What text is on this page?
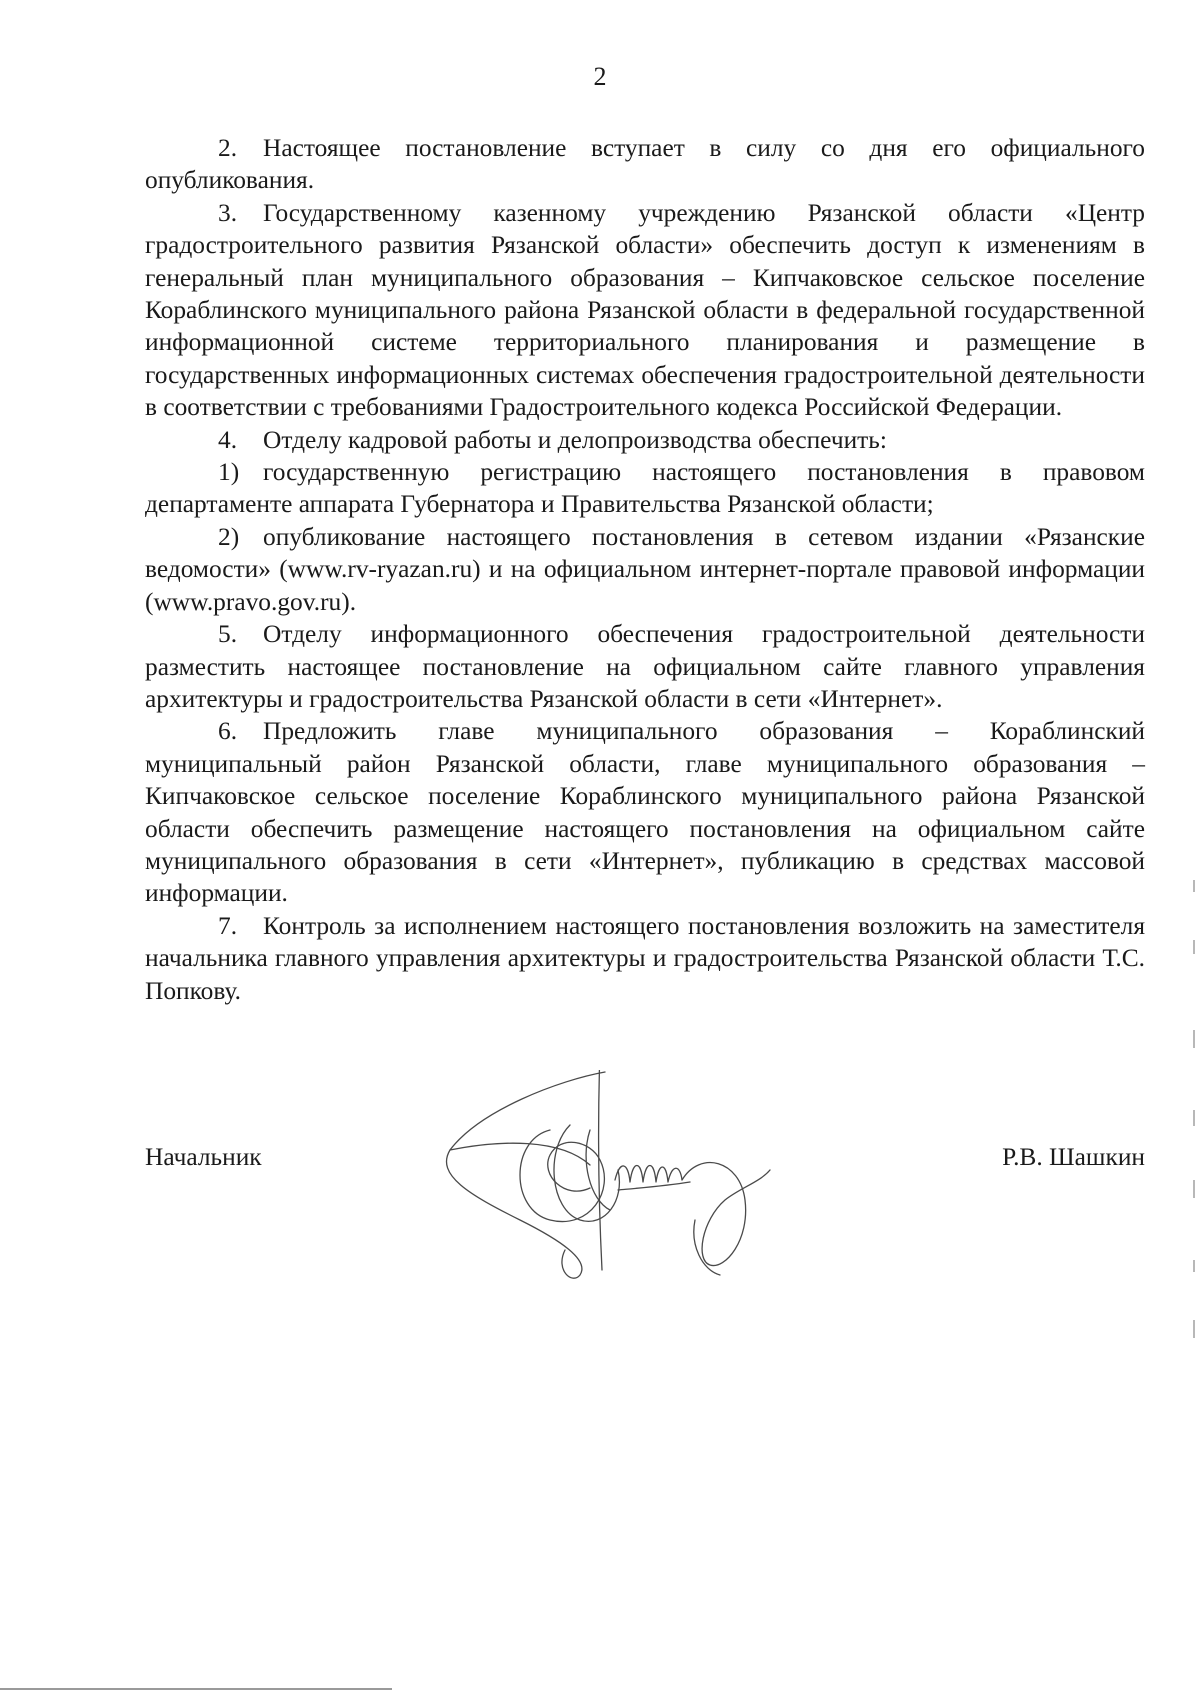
2

2. Настоящее постановление вступает в силу со дня его официального опубликования.

3. Государственному казенному учреждению Рязанской области «Центр градостроительного развития Рязанской области» обеспечить доступ к изменениям в генеральный план муниципального образования – Кипчаковское сельское поселение Кораблинского муниципального района Рязанской области в федеральной государственной информационной системе территориального планирования и размещение в государственных информационных системах обеспечения градостроительной деятельности в соответствии с требованиями Градостроительного кодекса Российской Федерации.

4. Отделу кадровой работы и делопроизводства обеспечить:

1) государственную регистрацию настоящего постановления в правовом департаменте аппарата Губернатора и Правительства Рязанской области;

2) опубликование настоящего постановления в сетевом издании «Рязанские ведомости» (www.rv-ryazan.ru) и на официальном интернет-портале правовой информации (www.pravo.gov.ru).

5. Отделу информационного обеспечения градостроительной деятельности разместить настоящее постановление на официальном сайте главного управления архитектуры и градостроительства Рязанской области в сети «Интернет».

6. Предложить главе муниципального образования – Кораблинский муниципальный район Рязанской области, главе муниципального образования – Кипчаковское сельское поселение Кораблинского муниципального района Рязанской области обеспечить размещение настоящего постановления на официальном сайте муниципального образования в сети «Интернет», публикацию в средствах массовой информации.

7. Контроль за исполнением настоящего постановления возложить на заместителя начальника главного управления архитектуры и градостроительства Рязанской области Т.С. Попкову.

Начальник	Р.В. Шашкин
